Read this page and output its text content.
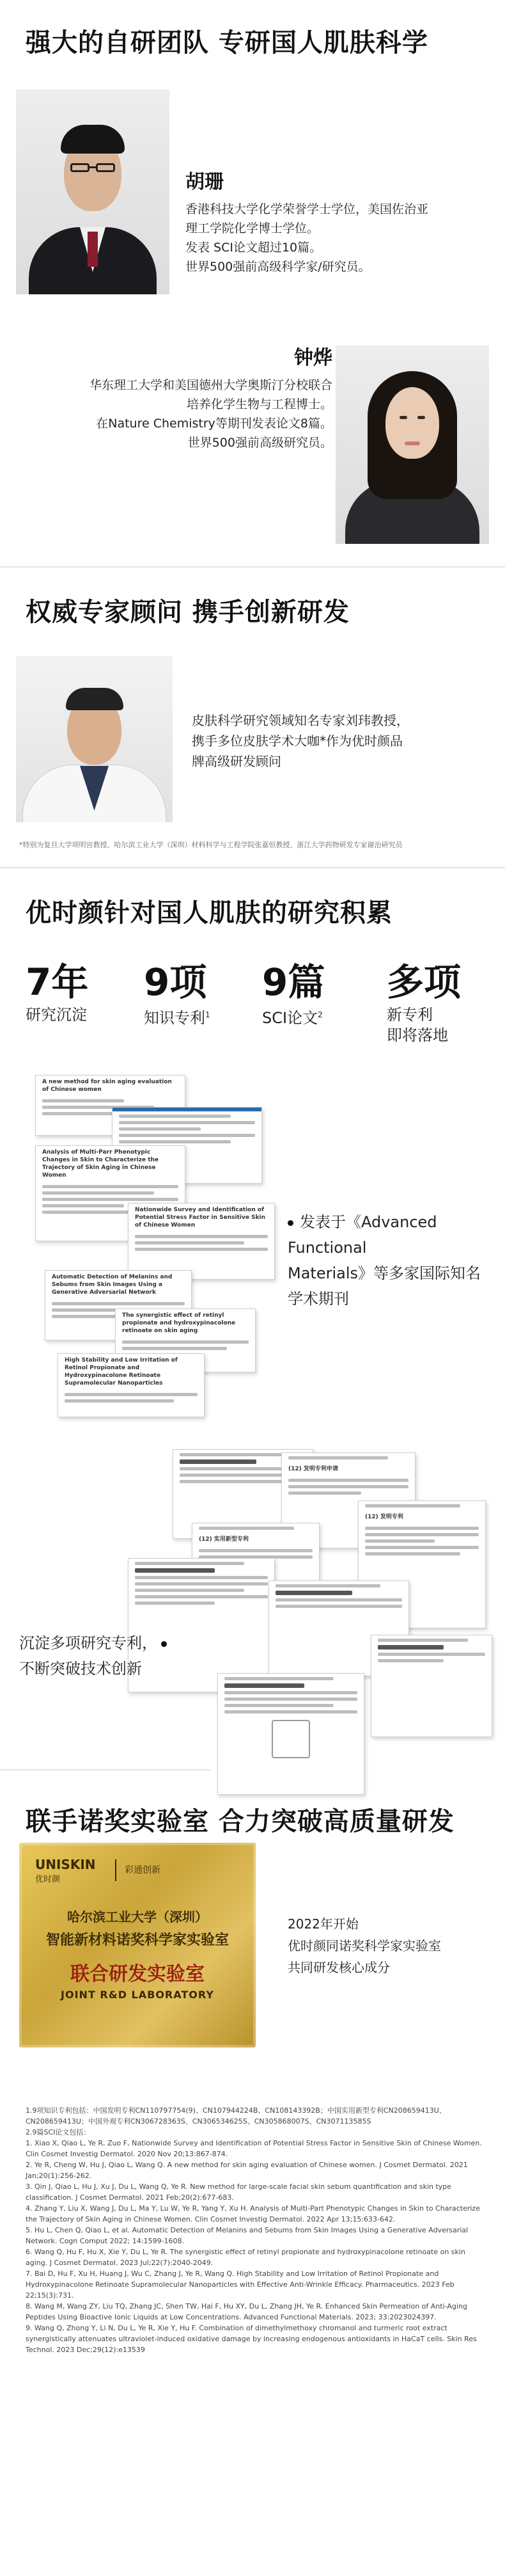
强大的自研团队 专研国人肌肤科学
胡珊
香港科技大学化学荣誉学士学位，美国佐治亚
理工学院化学博士学位。
发表 SCI论文超过10篇。
世界500强前高级科学家/研究员。
钟烨
华东理工大学和美国德州大学奥斯汀分校联合
培养化学生物与工程博士。
在Nature Chemistry等期刊发表论文8篇。
世界500强前高级研究员。
权威专家顾问 携手创新研发
皮肤科学研究领域知名专家刘玮教授，
携手多位皮肤学术大咖*作为优时颜品
牌高级研发顾问
*特别为复旦大学项明宫教授、哈尔滨工业大学（深圳）材料科学与工程学院张嘉恒教授、浙江大学药物研发专家谢治研究员
优时颜针对国人肌肤的研究积累
7年
研究沉淀
9项
知识专利$^1$
9篇
SCI论文$^2$
多项
新专利
即将落地
A new method for skin aging evaluation of Chinese women
Analysis of Multi-Parr Phenotypic Changes in Skin to Characterize the Trajectory of Skin Aging in Chinese Women
Nationwide Survey and Identification of Potential Stress Factor in Sensitive Skin of Chinese Women
Automatic Detection of Melanins and Sebums from Skin Images Using a Generative Adversarial Network
The synergistic effect of retinyl propionate and hydroxypinacolone retinoate on skin aging
High Stability and Low Irritation of Retinol Propionate and Hydroxypinacolone Retinoate Supramolecular Nanoparticles
发表于《Advanced Functional
Materials》等多家国际知名
学术期刊
(12) 发明专利申请
(12) 发明专利
(12) 实用新型专利
沉淀多项研究专利，
不断突破技术创新
联手诺奖实验室 合力突破高质量研发
UNISKIN
优时颜
彩通创新
哈尔滨工业大学（深圳）
智能新材料诺奖科学家实验室
联合研发实验室
JOINT R&D LABORATORY
2022年开始
优时颜同诺奖科学家实验室
共同研发核心成分

1.9项知识专利包括：中国发明专利CN110797754(9)、CN107944224B、CN108143392B；中国实用新型专利CN208659413U、CN208659413U；中国外观专利CN306728363S、CN306534625S、CN305868007S、CN307113585S

2.9篇SCI论文包括：

1. Xiao X, Qiao L, Ye R, Zuo F, Nationwide Survey and Identification of Potential Stress Factor in Sensitive Skin of Chinese Women. Clin Cosmet Investig Dermatol. 2020 Nov 20;13:867-874.

2. Ye R, Cheng W, Hu J, Qiao L, Wang Q. A new method for skin aging evaluation of Chinese women. J Cosmet Dermatol. 2021 Jan;20(1):256-262.

3. Qin J, Qiao L, Hu J, Xu J, Du L, Wang Q, Ye R. New method for large-scale facial skin sebum quantification and skin type classification. J Cosmet Dermatol. 2021 Feb;20(2):677-683.

4. Zhang Y, Liu X, Wang J, Du L, Ma Y, Lu W, Ye R, Yang Y, Xu H. Analysis of Multi-Part Phenotypic Changes in Skin to Characterize the Trajectory of Skin Aging in Chinese Women. Clin Cosmet Investig Dermatol. 2022 Apr 13;15:633-642.

5. Hu L, Chen Q, Qiao L, et al. Automatic Detection of Melanins and Sebums from Skin Images Using a Generative Adversarial Network. Cogn Comput 2022; 14:1599-1608.

6. Wang Q, Hu F, Hu X, Xie Y, Du L, Ye R. The synergistic effect of retinyl propionate and hydroxypinacolone retinoate on skin aging. J Cosmet Dermatol. 2023 Jul;22(7):2040-2049.

7. Bai D, Hu F, Xu H, Huang J, Wu C, Zhang J, Ye R, Wang Q. High Stability and Low Irritation of Retinol Propionate and Hydroxypinacolone Retinoate Supramolecular Nanoparticles with Effective Anti-Wrinkle Efficacy. Pharmaceutics. 2023 Feb 22;15(3):731.

8. Wang M, Wang ZY, Liu TQ, Zhang JC, Shen TW, Hai F, Hu XY, Du L, Zhang JH, Ye R. Enhanced Skin Permeation of Anti-Aging Peptides Using Bioactive Ionic Liquids at Low Concentrations. Advanced Functional Materials. 2023; 33:2023024397.

9. Wang Q, Zhong Y, Li N, Du L, Ye R, Xie Y, Hu F. Combination of dimethylmethoxy chromanol and turmeric root extract synergistically attenuates ultraviolet-induced oxidative damage by increasing endogenous antioxidants in HaCaT cells. Skin Res Technol. 2023 Dec;29(12):e13539
